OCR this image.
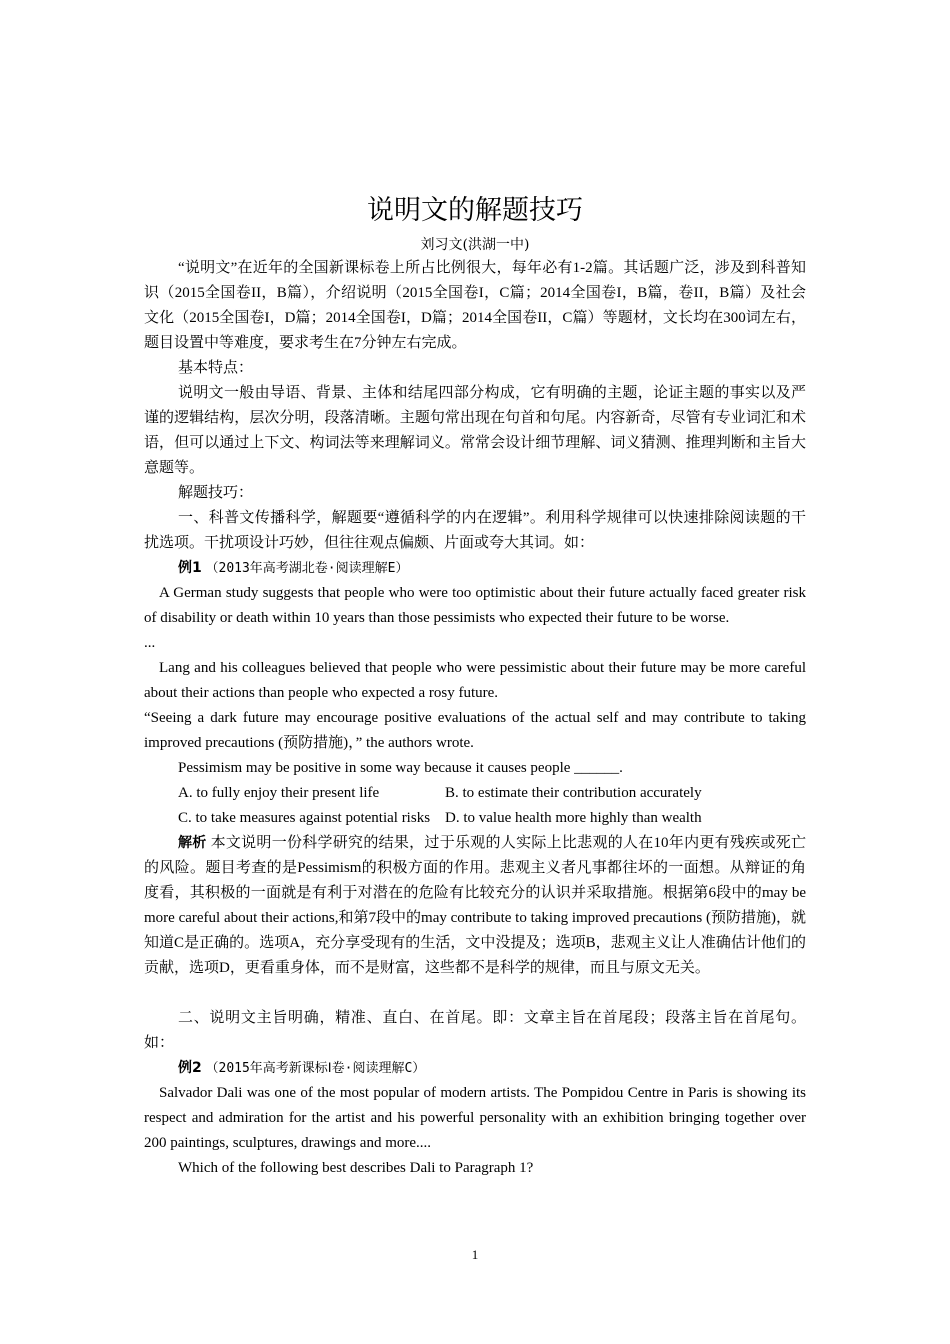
说明文的解题技巧
刘习文(洪湖一中)

“说明文”在近年的全国新课标卷上所占比例很大，每年必有1-2篇。其话题广泛，涉及到科普知识（2015全国卷II，B篇），介绍说明（2015全国卷I，C篇；2014全国卷I，B篇，卷II，B篇）及社会文化（2015全国卷I，D篇；2014全国卷I，D篇；2014全国卷II，C篇）等题材，文长均在300词左右，题目设置中等难度，要求考生在7分钟左右完成。

基本特点：

说明文一般由导语、背景、主体和结尾四部分构成，它有明确的主题，论证主题的事实以及严谨的逻辑结构，层次分明，段落清晰。主题句常出现在句首和句尾。内容新奇，尽管有专业词汇和术语，但可以通过上下文、构词法等来理解词义。常常会设计细节理解、词义猜测、推理判断和主旨大意题等。

解题技巧：

一、科普文传播科学，解题要“遵循科学的内在逻辑”。利用科学规律可以快速排除阅读题的干扰选项。干扰项设计巧妙，但往往观点偏颇、片面或夸大其词。如：

例1 （2013年高考湖北卷·阅读理解E）

A German study suggests that people who were too optimistic about their future actually faced greater risk of disability or death within 10 years than those pessimists who expected their future to be worse.

...

Lang and his colleagues believed that people who were pessimistic about their future may be more careful about their actions than people who expected a rosy future.

“Seeing a dark future may encourage positive evaluations of the actual self and may contribute to taking improved precautions (预防措施)，” the authors wrote.

Pessimism may be positive in some way because it causes people ______.

A. to fully enjoy their present life	B. to estimate their contribution accurately

C. to take measures against potential risks D. to value health more highly than wealth

解析 本文说明一份科学研究的结果，过于乐观的人实际上比悲观的人在10年内更有残疾或死亡的风险。题目考查的是Pessimism的积极方面的作用。悲观主义者凡事都往坏的一面想。从辩证的角度看，其积极的一面就是有利于对潜在的危险有比较充分的认识并采取措施。根据第6段中的may be more careful about their actions,和第7段中的may contribute to taking improved precautions (预防措施)，就知道C是正确的。选项A，充分享受现有的生活，文中没提及；选项B，悲观主义让人准确估计他们的贡献，选项D，更看重身体，而不是财富，这些都不是科学的规律，而且与原文无关。

二、说明文主旨明确，精准、直白、在首尾。即：文章主旨在首尾段；段落主旨在首尾句。如：

例2 （2015年高考新课标Ⅰ卷·阅读理解C）

Salvador Dali was one of the most popular of modern artists. The Pompidou Centre in Paris is showing its respect and admiration for the artist and his powerful personality with an exhibition bringing together over 200 paintings, sculptures, drawings and more....

Which of the following best describes Dali to Paragraph 1?

1
